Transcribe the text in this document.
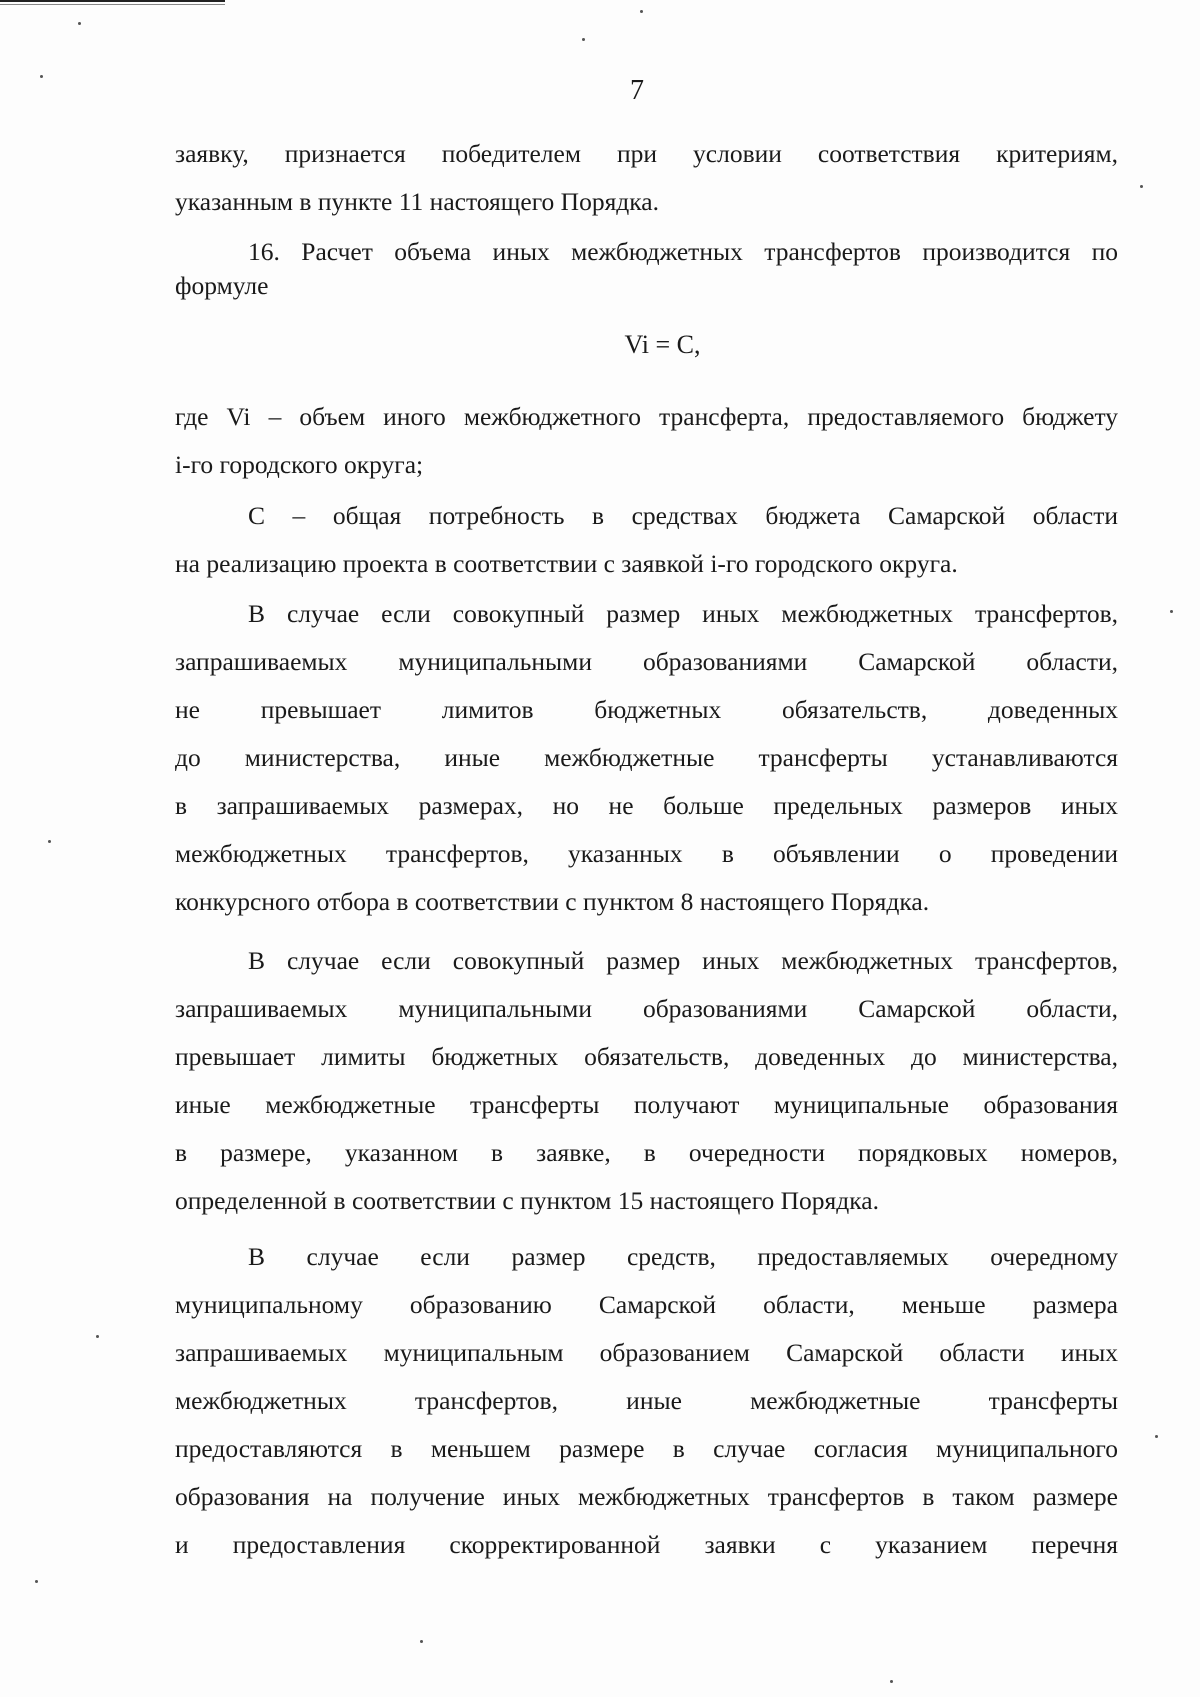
7
заявку, признается победителем при условии соответствия критериям,
указанным в пункте 11 настоящего Порядка.
16. Расчет объема иных межбюджетных трансфертов производится по
формуле
Vi = C,
где Vi – объем иного межбюджетного трансферта, предоставляемого бюджету
i-го городского округа;
C – общая потребность в средствах бюджета Самарской области
на реализацию проекта в соответствии с заявкой i-го городского округа.
В случае если совокупный размер иных межбюджетных трансфертов,
запрашиваемых муниципальными образованиями Самарской области,
не превышает лимитов бюджетных обязательств, доведенных
до министерства, иные межбюджетные трансферты устанавливаются
в запрашиваемых размерах, но не больше предельных размеров иных
межбюджетных трансфертов, указанных в объявлении о проведении
конкурсного отбора в соответствии с пунктом 8 настоящего Порядка.
В случае если совокупный размер иных межбюджетных трансфертов,
запрашиваемых муниципальными образованиями Самарской области,
превышает лимиты бюджетных обязательств, доведенных до министерства,
иные межбюджетные трансферты получают муниципальные образования
в размере, указанном в заявке, в очередности порядковых номеров,
определенной в соответствии с пунктом 15 настоящего Порядка.
В случае если размер средств, предоставляемых очередному
муниципальному образованию Самарской области, меньше размера
запрашиваемых муниципальным образованием Самарской области иных
межбюджетных трансфертов, иные межбюджетные трансферты
предоставляются в меньшем размере в случае согласия муниципального
образования на получение иных межбюджетных трансфертов в таком размере
и предоставления скорректированной заявки с указанием перечня
